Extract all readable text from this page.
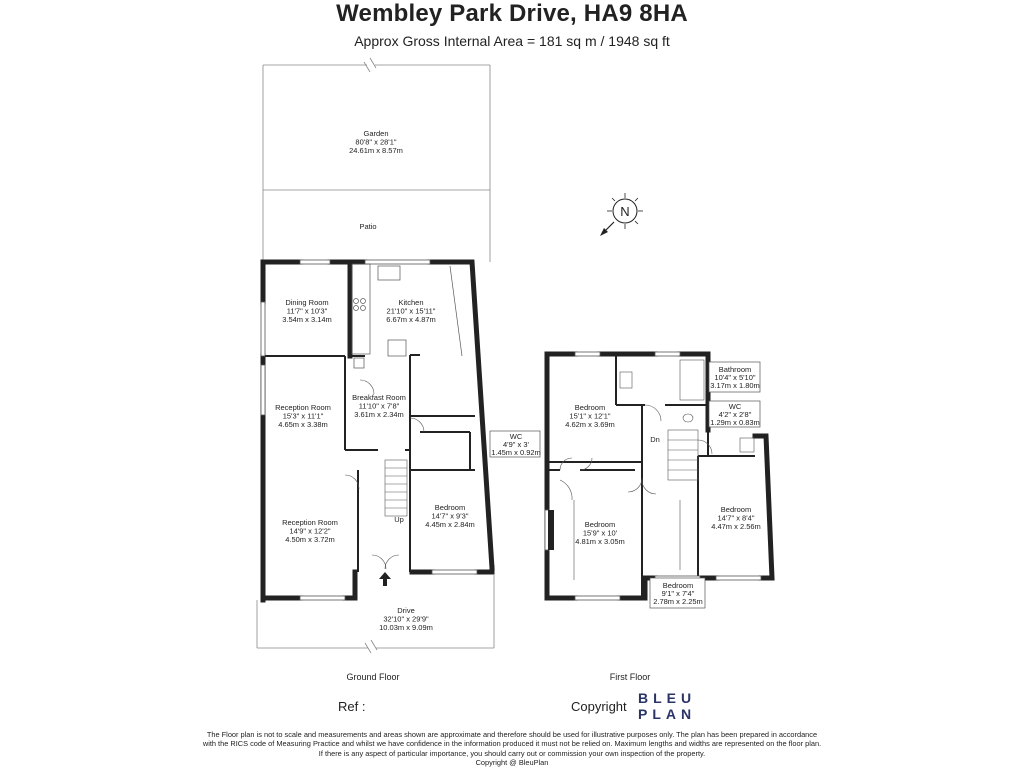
Wembley Park Drive, HA9 8HA
Approx Gross Internal Area = 181 sq m / 1948 sq ft
N
Garden 80'8" x 28'1" 24.61m x 8.57m
Patio
Dining Room 11'7" x 10'3" 3.54m x 3.14m
Kitchen 21'10" x 15'11" 6.67m x 4.87m
Breakfast Room 11'10" x 7'8" 3.61m x 2.34m
Reception Room 15'3" x 11'1" 4.65m x 3.38m
Reception Room 14'9" x 12'2" 4.50m x 3.72m
WC 4'9" x 3' 1.45m x 0.92m
Bedroom 14'7" x 9'3" 4.45m x 2.84m
Up
Drive 32'10" x 29'9" 10.03m x 9.09m
Bedroom 15'1" x 12'1" 4.62m x 3.69m
Bathroom 10'4" x 5'10" 3.17m x 1.80m
WC 4'2" x 2'8" 1.29m x 0.83m
Dn
Bedroom 15'9" x 10' 4.81m x 3.05m
Bedroom 14'7" x 8'4" 4.47m x 2.56m
Bedroom 9'1" x 7'4" 2.78m x 2.25m
Ground Floor	First Floor
Ref :	Copyright
BLEU
PLAN
The Floor plan is not to scale and measurements and areas shown are approximate and therefore should be used for illustrative purposes only. The plan has been prepared in accordance
with the RICS code of Measuring Practice and whilst we have confidence in the information produced it must not be relied on. Maximum lengths and widths are represented on the floor plan.
If there is any aspect of particular importance, you should carry out or commission your own inspection of the property.
Copyright @ BleuPlan
